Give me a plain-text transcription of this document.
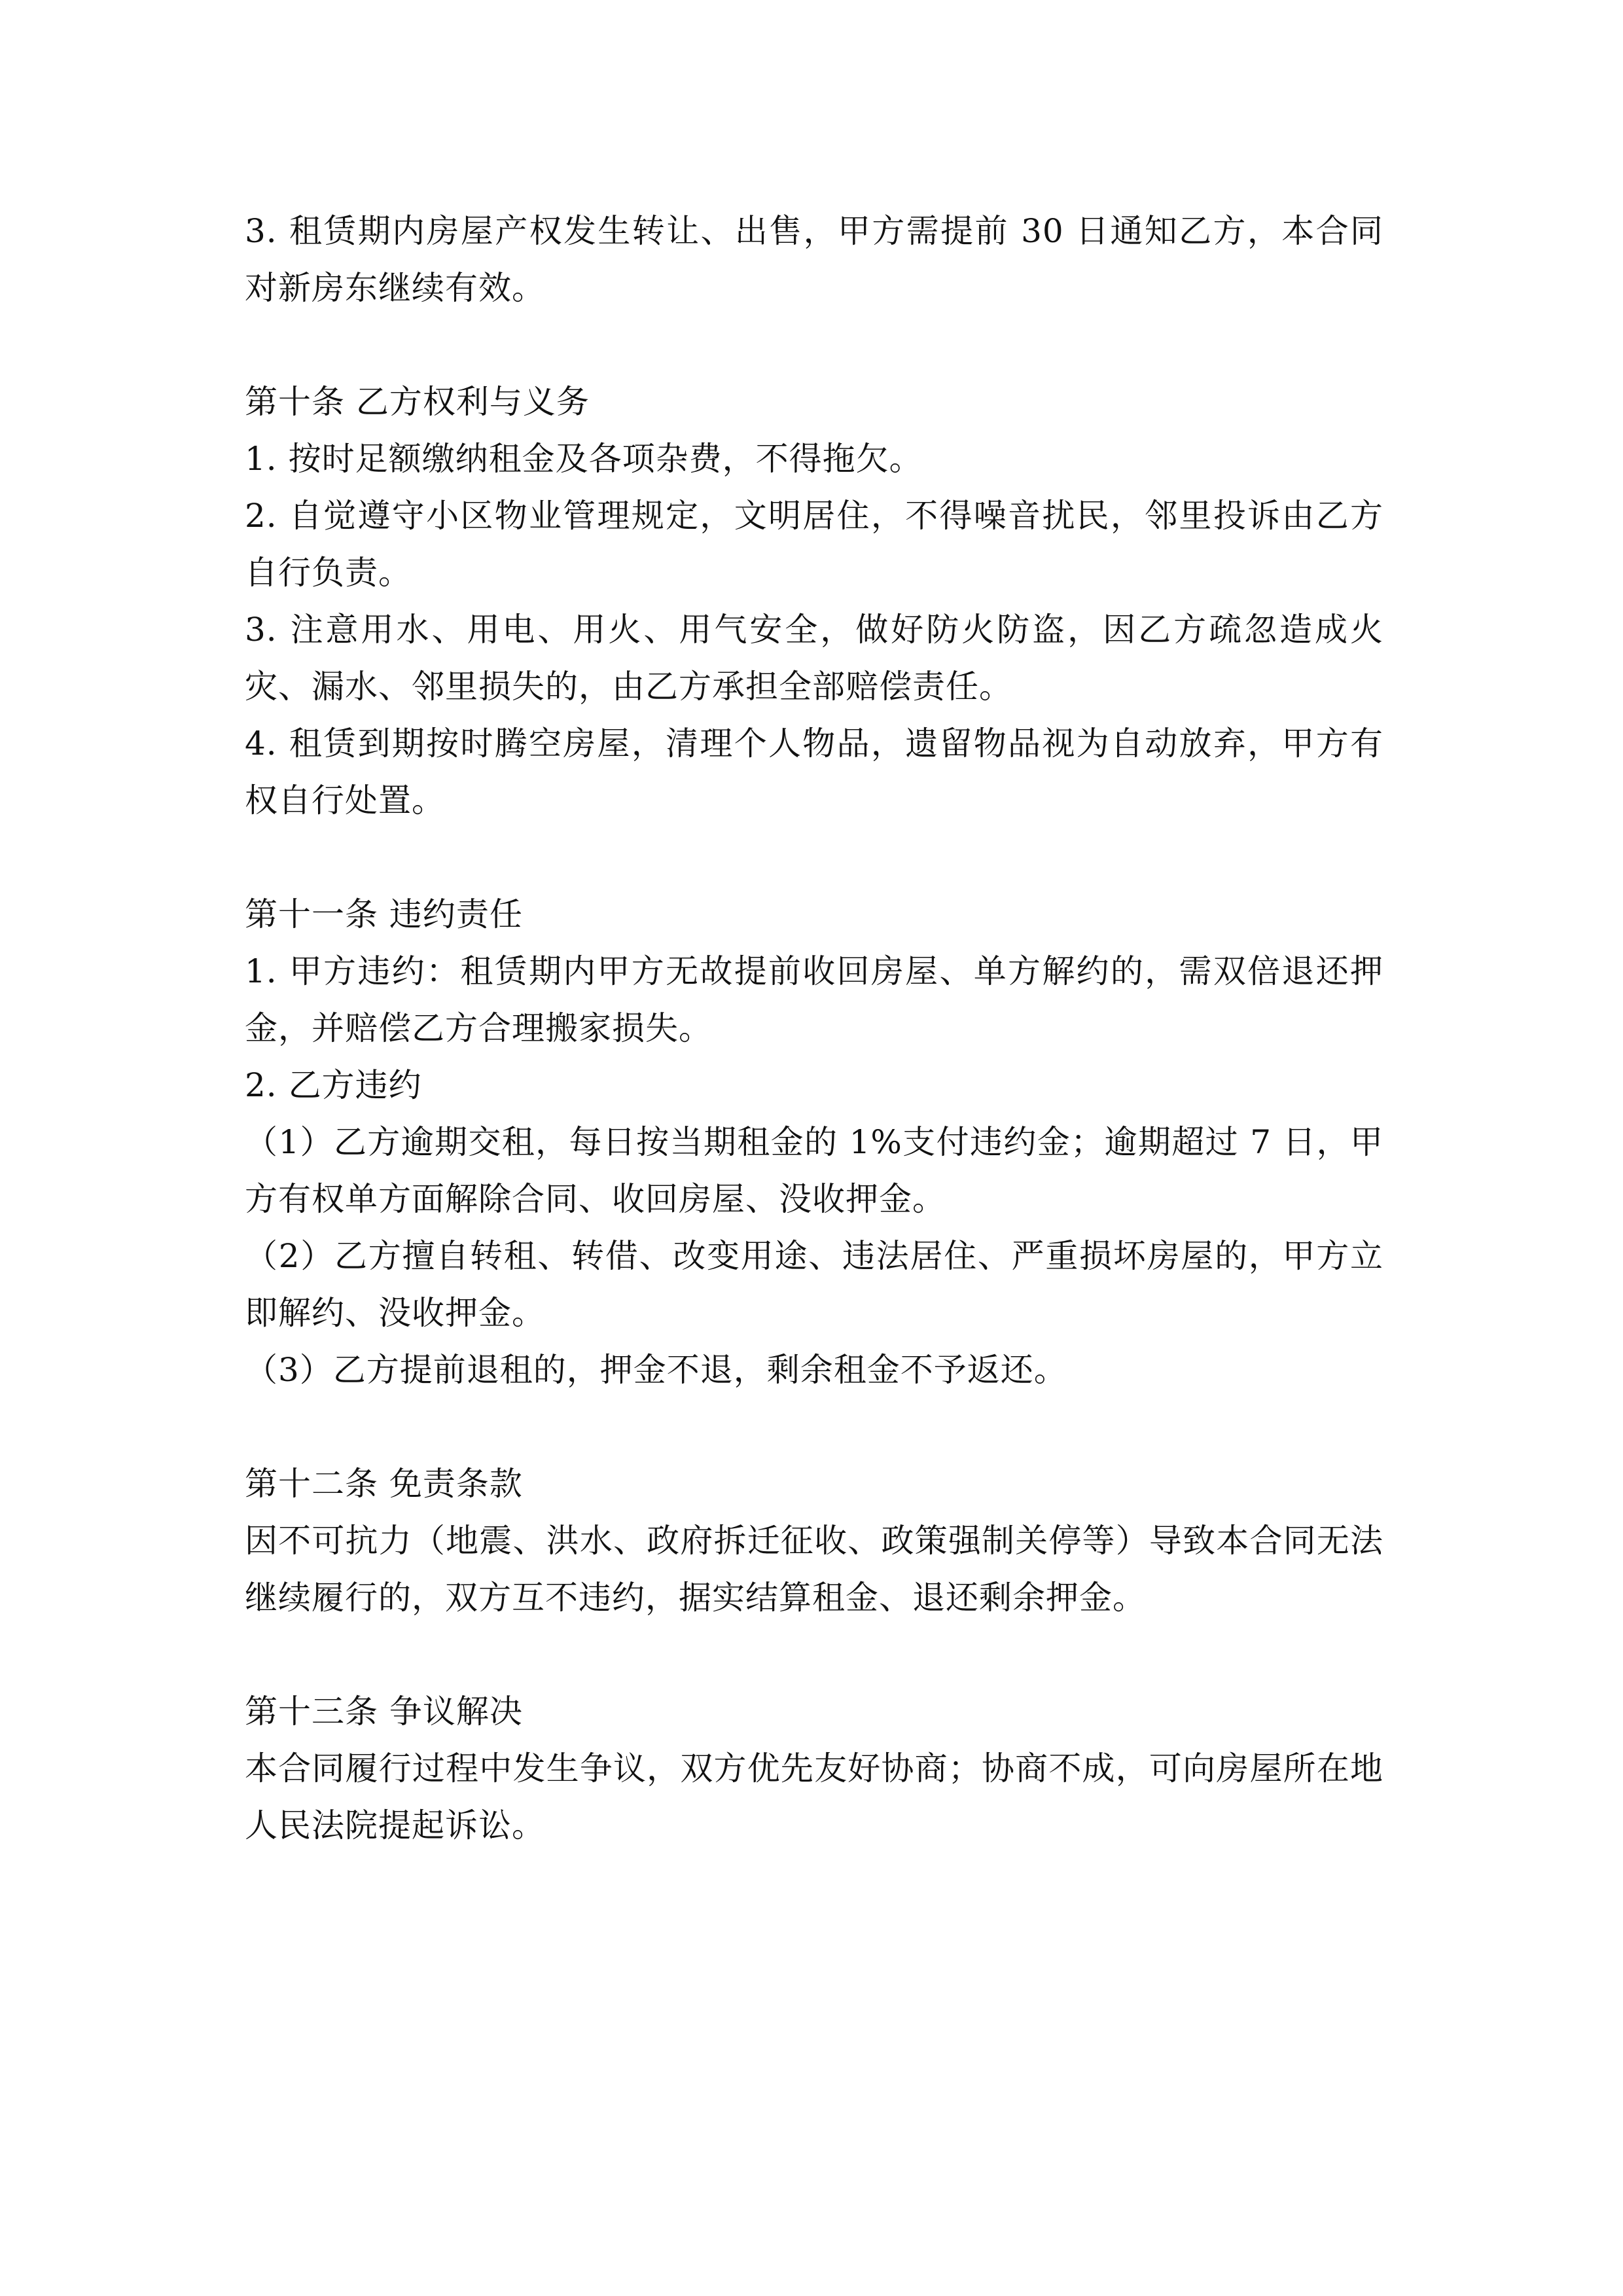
3. 租赁期内房屋产权发生转让、出售，甲方需提前 30 日通知乙方，本合同对新房东继续有效。

第十条 乙方权利与义务

1. 按时足额缴纳租金及各项杂费，不得拖欠。

2. 自觉遵守小区物业管理规定，文明居住，不得噪音扰民，邻里投诉由乙方自行负责。

3. 注意用水、用电、用火、用气安全，做好防火防盗，因乙方疏忽造成火灾、漏水、邻里损失的，由乙方承担全部赔偿责任。

4. 租赁到期按时腾空房屋，清理个人物品，遗留物品视为自动放弃，甲方有权自行处置。

第十一条 违约责任

1. 甲方违约：租赁期内甲方无故提前收回房屋、单方解约的，需双倍退还押金，并赔偿乙方合理搬家损失。

2. 乙方违约

（1）乙方逾期交租，每日按当期租金的 1%支付违约金；逾期超过 7 日，甲方有权单方面解除合同、收回房屋、没收押金。

（2）乙方擅自转租、转借、改变用途、违法居住、严重损坏房屋的，甲方立即解约、没收押金。

（3）乙方提前退租的，押金不退，剩余租金不予返还。

第十二条 免责条款

因不可抗力（地震、洪水、政府拆迁征收、政策强制关停等）导致本合同无法继续履行的，双方互不违约，据实结算租金、退还剩余押金。

第十三条 争议解决

本合同履行过程中发生争议，双方优先友好协商；协商不成，可向房屋所在地人民法院提起诉讼。
